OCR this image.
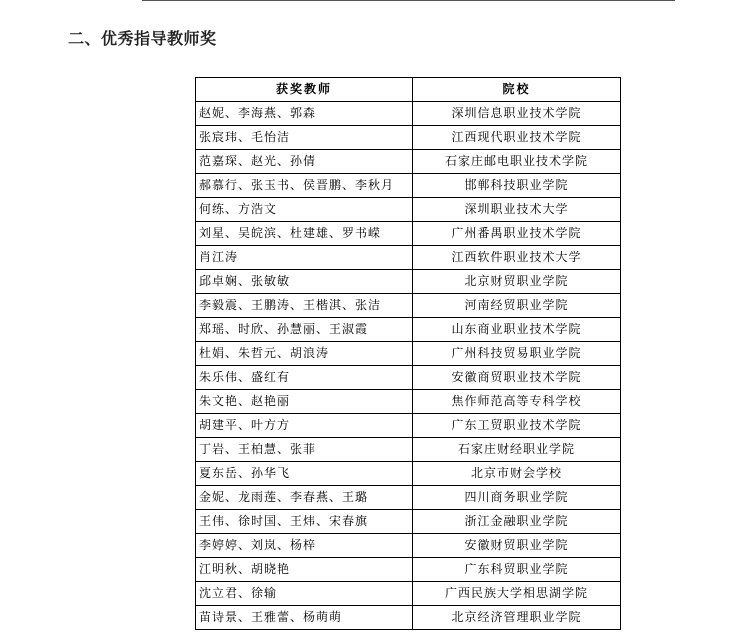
二、优秀指导教师奖
获奖教师	院校
赵妮、李海燕、郭森	深圳信息职业技术学院
张宸玮、毛怡洁	江西现代职业技术学院
范嘉琛、赵光、孙倩	石家庄邮电职业技术学院
郝慕行、张玉书、侯晋鹏、李秋月	邯郸科技职业学院
何练、方浩文	深圳职业技术大学
刘星、吴皖滨、杜建雄、罗书嵘	广州番禺职业技术学院
肖江涛	江西软件职业技术大学
邱卓娴、张敏敏	北京财贸职业学院
李毅震、王鹏涛、王楷淇、张洁	河南经贸职业学院
郑瑶、时欣、孙慧丽、王淑霞	山东商业职业技术学院
杜娟、朱哲元、胡浪涛	广州科技贸易职业学院
朱乐伟、盛红有	安徽商贸职业技术学院
朱文艳、赵艳丽	焦作师范高等专科学校
胡建平、叶方方	广东工贸职业技术学院
丁岩、王柏慧、张菲	石家庄财经职业学院
夏东岳、孙华飞	北京市财会学校
金妮、龙雨莲、李春燕、王璐	四川商务职业学院
王伟、徐时国、王炜、宋春旗	浙江金融职业学院
李婷婷、刘岚、杨梓	安徽财贸职业学院
江明秋、胡晓艳	广东科贸职业学院
沈立君、徐输	广西民族大学相思湖学院
苗诗景、王雅蕾、杨萌萌	北京经济管理职业学院
